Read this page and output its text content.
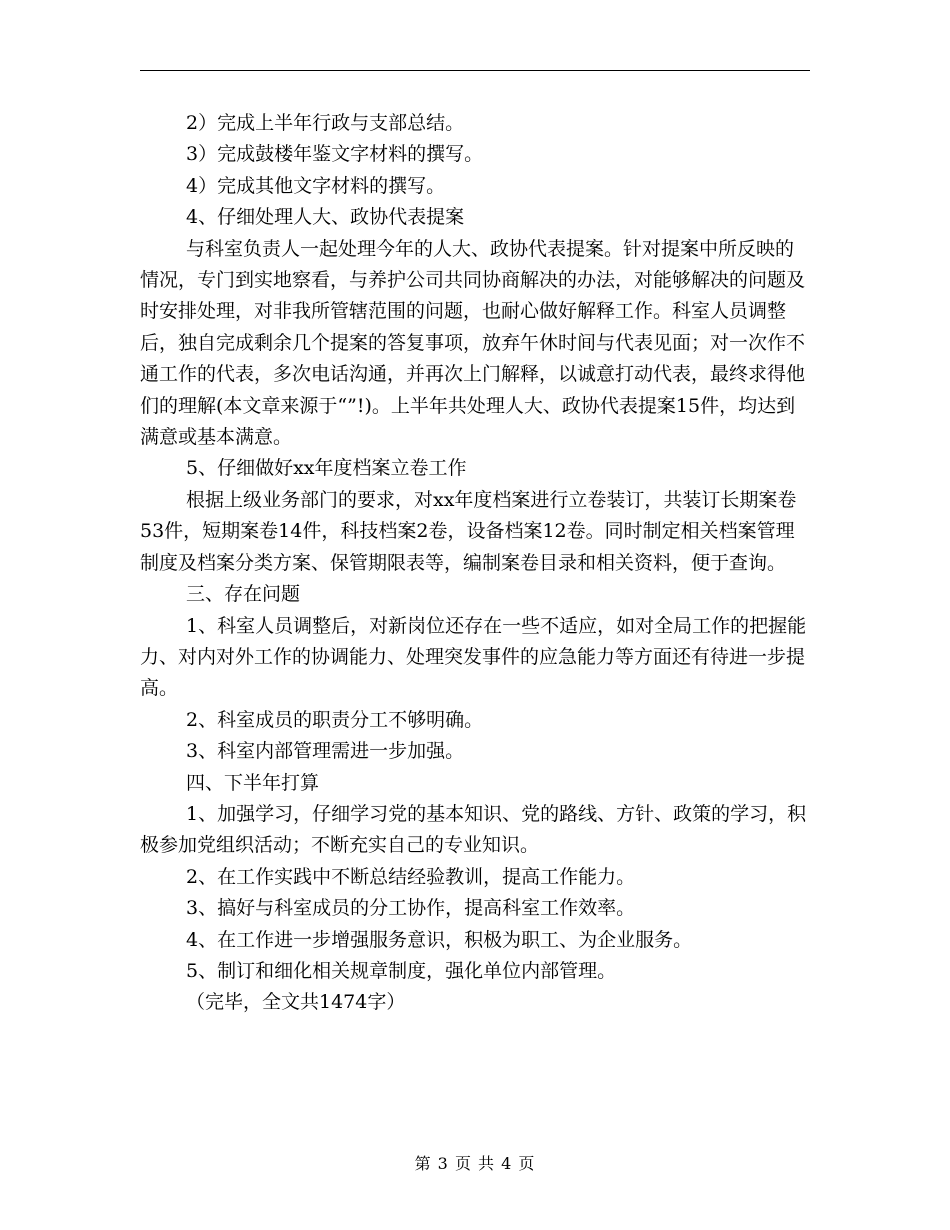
2）完成上半年行政与支部总结。

3）完成鼓楼年鉴文字材料的撰写。

4）完成其他文字材料的撰写。

4、仔细处理人大、政协代表提案

与科室负责人一起处理今年的人大、政协代表提案。针对提案中所反映的情况，专门到实地察看，与养护公司共同协商解决的办法，对能够解决的问题及时安排处理，对非我所管辖范围的问题，也耐心做好解释工作。科室人员调整后，独自完成剩余几个提案的答复事项，放弃午休时间与代表见面；对一次作不通工作的代表，多次电话沟通，并再次上门解释，以诚意打动代表，最终求得他们的理解(本文章来源于“”!)。上半年共处理人大、政协代表提案15件，均达到满意或基本满意。

5、仔细做好xx年度档案立卷工作

根据上级业务部门的要求，对xx年度档案进行立卷装订，共装订长期案卷53件，短期案卷14件，科技档案2卷，设备档案12卷。同时制定相关档案管理制度及档案分类方案、保管期限表等，编制案卷目录和相关资料，便于查询。

三、存在问题

1、科室人员调整后，对新岗位还存在一些不适应，如对全局工作的把握能力、对内对外工作的协调能力、处理突发事件的应急能力等方面还有待进一步提高。

2、科室成员的职责分工不够明确。

3、科室内部管理需进一步加强。

四、下半年打算

1、加强学习，仔细学习党的基本知识、党的路线、方针、政策的学习，积极参加党组织活动；不断充实自己的专业知识。

2、在工作实践中不断总结经验教训，提高工作能力。

3、搞好与科室成员的分工协作，提高科室工作效率。

4、在工作进一步增强服务意识，积极为职工、为企业服务。

5、制订和细化相关规章制度，强化单位内部管理。

（完毕，全文共1474字）

第 3 页 共 4 页
